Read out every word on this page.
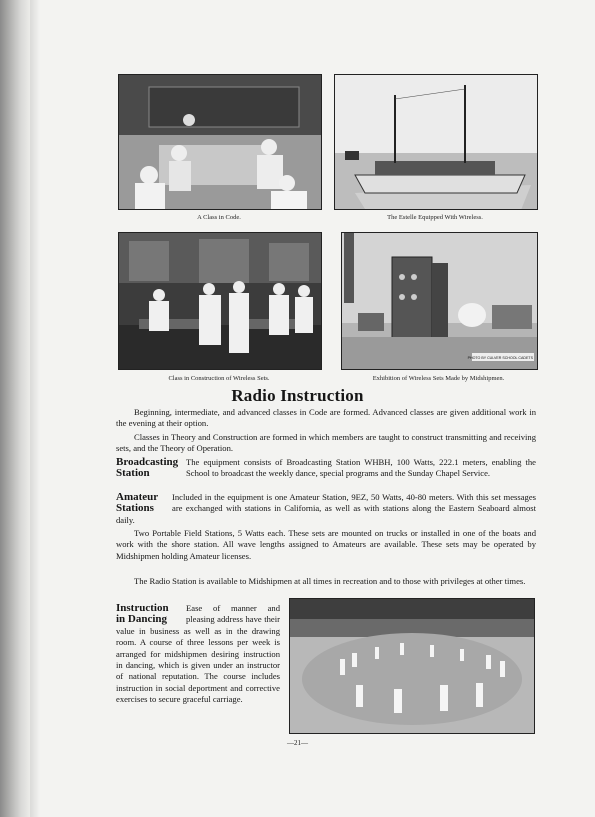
A Class in Code.	The Estelle Equipped With Wireless.
Class in Construction of Wireless Sets.
PHOTO BY CULVER SCHOOL CADETS
Exhibition of Wireless Sets Made by Midshipmen.
Radio Instruction
Beginning, intermediate, and advanced classes in Code are formed. Advanced classes are given additional work in the evening at their option.
Classes in Theory and Construction are formed in which members are taught to construct transmitting and receiving sets, and the Theory of Operation.
Broadcasting
Station
The equipment consists of Broadcasting Station WHBH, 100 Watts, 222.1 meters, enabling the School to broadcast the weekly dance, special programs and the Sunday Chapel Service.
Amateur
Stations
Included in the equipment is one Amateur Station, 9EZ, 50 Watts, 40-80 meters. With this set messages are exchanged with stations in California, as well as with stations along the Eastern Seaboard almost daily.
Two Portable Field Stations, 5 Watts each. These sets are mounted on trucks or installed in one of the boats and work with the shore station. All wave lengths assigned to Amateurs are available. These sets may be operated by Midshipmen holding Amateur licenses.
The Radio Station is available to Midshipmen at all times in recreation and to those with privileges at other times.
Instruction
in Dancing
Ease of manner and pleasing address have their value in business as well as in the drawing room. A course of three lessons per week is arranged for midshipmen desiring instruction in dancing, which is given under an instructor of national reputation. The course includes instruction in social deportment and corrective exercises to secure graceful carriage.
—21—
